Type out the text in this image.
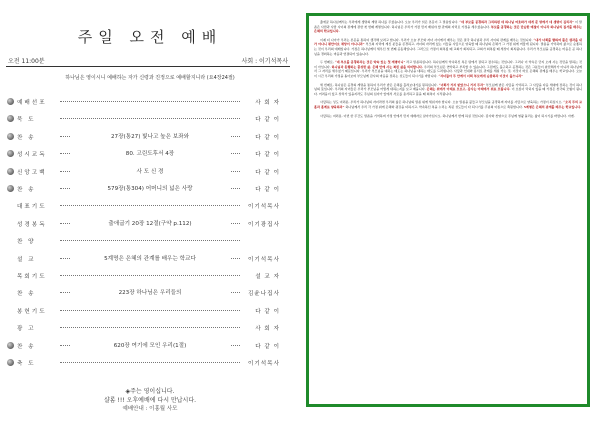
주일 오전 예배
오전 11:00분	사회 : 이기석목사
하나님은 영이시니 예배하는 자가 신령과 진정으로 예배할지니라 (요4장24절)
예배선포	사 회 자
묵 도	다 같 이
찬 송	27장(통27) 빛나고 높은 보좌와	다 같 이
성시교독	80. 고린도후서 4장	다 같 이
신앙고백	사 도 신 경	다 같 이
찬 송	579장(통304) 어머니의 넓은 사랑	다 같 이
대표기도	이기석목사
성경봉독	출애굽기 20장 12절(구약 p.112)	이기광집사
찬 양
설 교	5계명은 은혜의 관계를 배우는 학교다	이기석목사
목회기도	설 교 자
찬 송	223장 하나님은 우리들의	김윤나집사
봉헌기도	다 같 이
광 고	사 회 자
찬 송	620장 여기에 모인 우리(1절)	다 같 이
축 도	이기석목사
◈주는 영이십니다.
샬롬 !!! 오후예배에 다시 만납시다.
예배안내 : 이홍월 사모

출애굽 하나님께서는 우리에게 생명의 계명 하나를 주셨습니다. 오늘 우리가 읽은 본문이 그 말씀입니다. “네 부모를 공경하라 그리하면 네 하나님 여호와가 네게 준 땅에서 네 생명이 길리라” 이 말씀은 사람과 사람 사이의 관계에 관한 첫 번째 계명입니다. 하나님은 우리가 가장 먼저 배워야 할 관계의 자리로 가정을 세우셨습니다. 부모를 공경하는 것은 단순한 예절이 아니라 하나님의 질서를 배우는 은혜의 학교입니다.

이제 더 나아가 우리는 본문을 통하여 생각해 보려고 합니다. 우리가 오늘 부모와 자녀 사이에서 배우는 것은 결국 하나님과 우리 사이의 관계를 배우는 것입니다. “내가 너희를 향하여 품은 생각을 내가 아나니 평안이요 재앙이 아니니라” 부모의 자리에 계신 분들을 존경하고, 자녀의 자리에 있는 이들을 사랑으로 양육할 때 하나님의 은혜가 그 가정 위에 머물게 됩니다. 말씀을 기억하며 삶으로 순종하는 것이 우리의 예배입니다. 가정은 하나님께서 세우신 첫 번째 공동체입니다. 그러므로 가정이 회복될 때 교회가 회복되고, 교회가 회복될 때 세상이 회복됩니다. 우리가 부모님을 공경하는 마음은 곧 하나님을 경외하는 마음과 연결되어 있습니다.

두 번째로, “네 부모를 공경하라는 것은 약속 있는 첫 계명이니” 라고 말씀하십니다. 하나님께서 약속하신 복은 땅에서 잘되고 장수하는 것입니다. 그러나 이 약속은 단지 오래 사는 것만을 말하는 것이 아닙니다. 하나님과 동행하는 풍성한 삶, 은혜 안에 사는 복된 삶을 의미합니다. 우리의 부모님은 연약하고 부족할 수 있습니다. 그럼에도 불구하고 공경하는 것은 그분들이 완전해서가 아니라 하나님께서 그 자리를 세우셨기 때문입니다. 우리가 부모님을 대하는 태도는 하나님을 대하는 태도를 드러냅니다. 사랑과 인내와 용서로 관계를 세워 가는 것, 이것이 바로 은혜의 관계를 배우는 학교입니다. 오늘 이 시간 우리의 가정을 돌아보며 부모님께 감사의 마음을 전하는 성도들이 되시기를 바랍니다. “자녀들아 주 안에서 너희 부모에게 순종하라 이것이 옳으니라”

세 번째로, 하나님은 공경의 계명을 통하여 우리가 받은 은혜를 흘려보내기를 원하십니다. “너희가 거저 받았으니 거저 주라” 부모님께 받은 사랑을 기억하고, 그 사랑을 다음 세대에 전하는 것이 하나님의 뜻입니다. 우리의 자녀들은 우리가 부모님을 어떻게 대하는지를 보고 배웁니다. 은혜는 위에서 아래로 흐르고, 감사는 아래에서 위로 흐릅니다. 이 흐름이 막히지 않을 때 가정은 천국의 모형이 됩니다. 어려움이 있고 상처가 있을지라도 주님의 십자가 앞에서 서로를 용서하고 품을 때 회복이 시작됩니다.

사랑하는 성도 여러분, 우리가 하나님의 자녀라면 우리의 삶은 하나님의 말씀 위에 세워져야 합니다. 오늘 말씀을 붙들고 부모님을 공경하며 자녀를 사랑으로 양육하는 가정이 되십시오. “오직 주의 교훈과 훈계로 양육하라” 하나님께서 우리 각 가정 위에 은혜와 평강을 더하시고, 약속하신 복을 누리는 복된 성도들이 다 되시기를 주님의 이름으로 축원합니다. 5계명은 은혜의 관계를 배우는 학교입니다.

사랑하는 여러분, 이번 한 주간도 말씀을 기억하며 가정 안에서 먼저 예배자로 살아가십시오. 하나님께서 함께 하실 것입니다. 감사와 찬양으로 주님께 영광 돌리는 삶이 되시기를 바랍니다. 아멘.
